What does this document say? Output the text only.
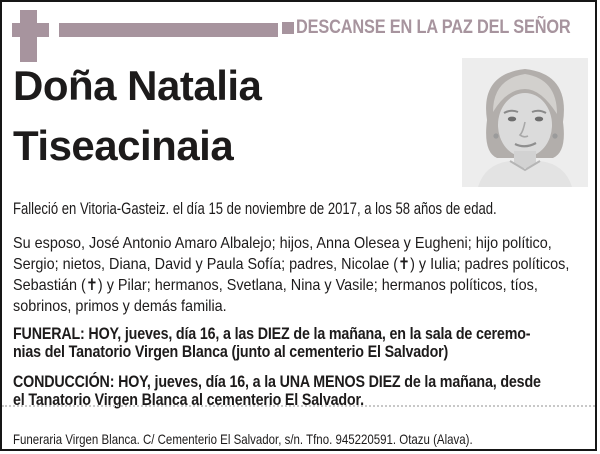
DESCANSE EN LA PAZ DEL SEÑOR
Doña Natalia
Tiseacinaia
Falleció en Vitoria-Gasteiz. el día 15 de noviembre de 2017, a los 58 años de edad.
Su esposo, José Antonio Amaro Albalejo; hijos, Anna Olesea y Eugheni; hijo político,
Sergio; nietos, Diana, David y Paula Sofía; padres, Nicolae (✝) y Iulia; padres políticos,
Sebastián (✝) y Pilar; hermanos, Svetlana, Nina y Vasile; hermanos políticos, tíos,
sobrinos, primos y demás familia.
FUNERAL: HOY, jueves, día 16, a las DIEZ de la mañana, en la sala de ceremo-
nias del Tanatorio Virgen Blanca (junto al cementerio El Salvador)
CONDUCCIÓN: HOY, jueves, día 16, a la UNA MENOS DIEZ de la mañana, desde
el Tanatorio Virgen Blanca al cementerio El Salvador.
Funeraria Virgen Blanca. C/ Cementerio El Salvador, s/n. Tfno. 945220591. Otazu (Alava).
